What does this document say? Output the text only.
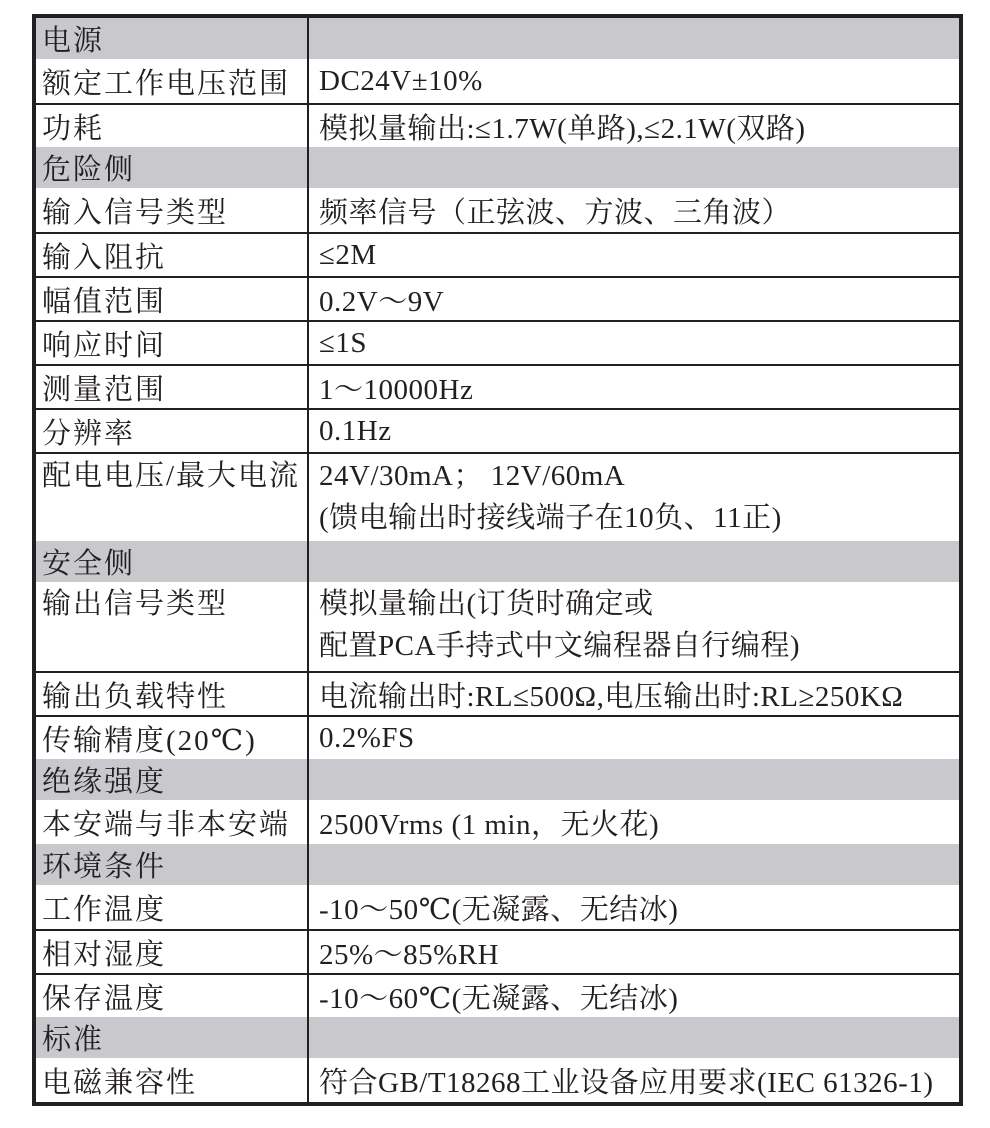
电源
额定工作电压范围 DC24V±10%
功耗	模拟量输出:≤1.7W(单路),≤2.1W(双路)
危险侧
输入信号类型	频率信号（正弦波、方波、三角波）
输入阻抗	≤2M
幅值范围	0.2V～9V
响应时间	≤1S
测量范围	1～10000Hz
分辨率	0.1Hz
配电电压/最大电流 24V/30mA； 12V/60mA
(馈电输出时接线端子在10负、11正)
安全侧
输出信号类型	模拟量输出(订货时确定或
配置PCA手持式中文编程器自行编程)
输出负载特性	电流输出时:RL≤500Ω,电压输出时:RL≥250KΩ
传输精度(20℃)	0.2%FS
绝缘强度
本安端与非本安端 2500Vrms (1 min，无火花)
环境条件
工作温度	-10～50℃(无凝露、无结冰)
相对湿度	25%～85%RH
保存温度	-10～60℃(无凝露、无结冰)
标准
电磁兼容性	符合GB/T18268工业设备应用要求(IEC 61326-1)
